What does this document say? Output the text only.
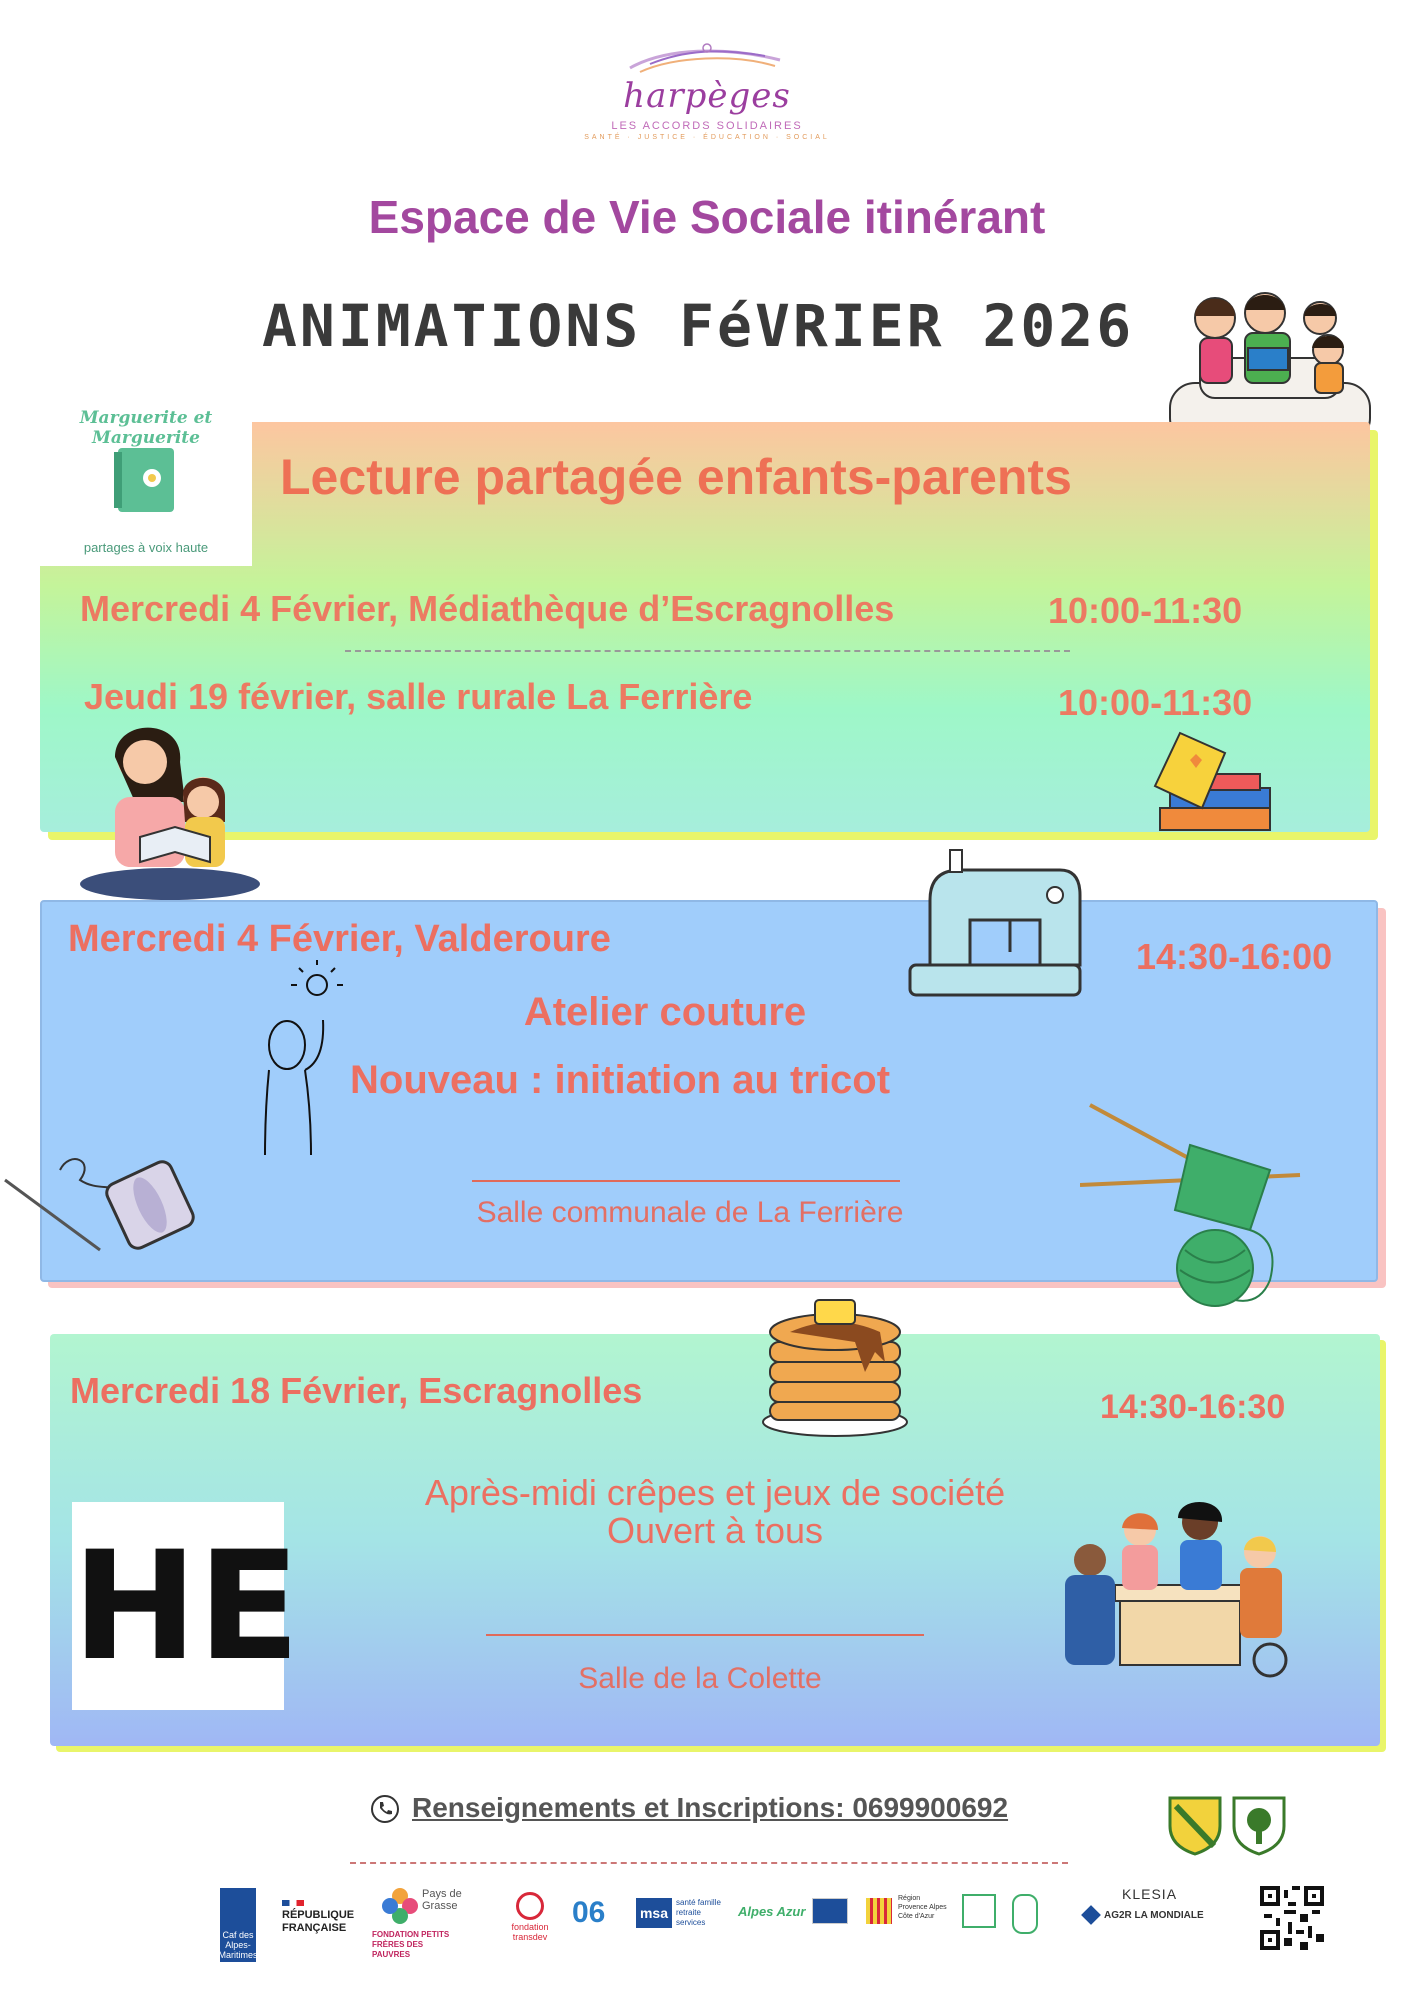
harpèges
LES ACCORDS SOLIDAIRES
SANTÉ · JUSTICE · ÉDUCATION · SOCIAL
Espace de Vie Sociale itinérant
ANIMATIONS FéVRIER 2026
Marguerite et Marguerite
partages à voix haute
Lecture partagée enfants-parents
Mercredi 4 Février, Médiathèque d’Escragnolles	10:00-11:30
Jeudi 19 février, salle rurale La Ferrière	10:00-11:30
Mercredi 4 Février, Valderoure	14:30-16:00
Atelier couture
Nouveau : initiation au tricot
Salle communale de La Ferrière
Mercredi 18 Février, Escragnolles	14:30-16:30
HE
Après-midi crêpes et jeux de société
Ouvert à tous
Salle de la Colette
Renseignements et Inscriptions: 0699900692
Caf des Alpes-Maritimes
RÉPUBLIQUE FRANÇAISE
Pays de Grasse
FONDATION PETITS FRÈRES DES PAUVRES
fondation transdev
06 msa
santé famille retraite services
Alpes Azur
Région Provence Alpes Côte d'Azur
KLESIA
AG2R LA MONDIALE
